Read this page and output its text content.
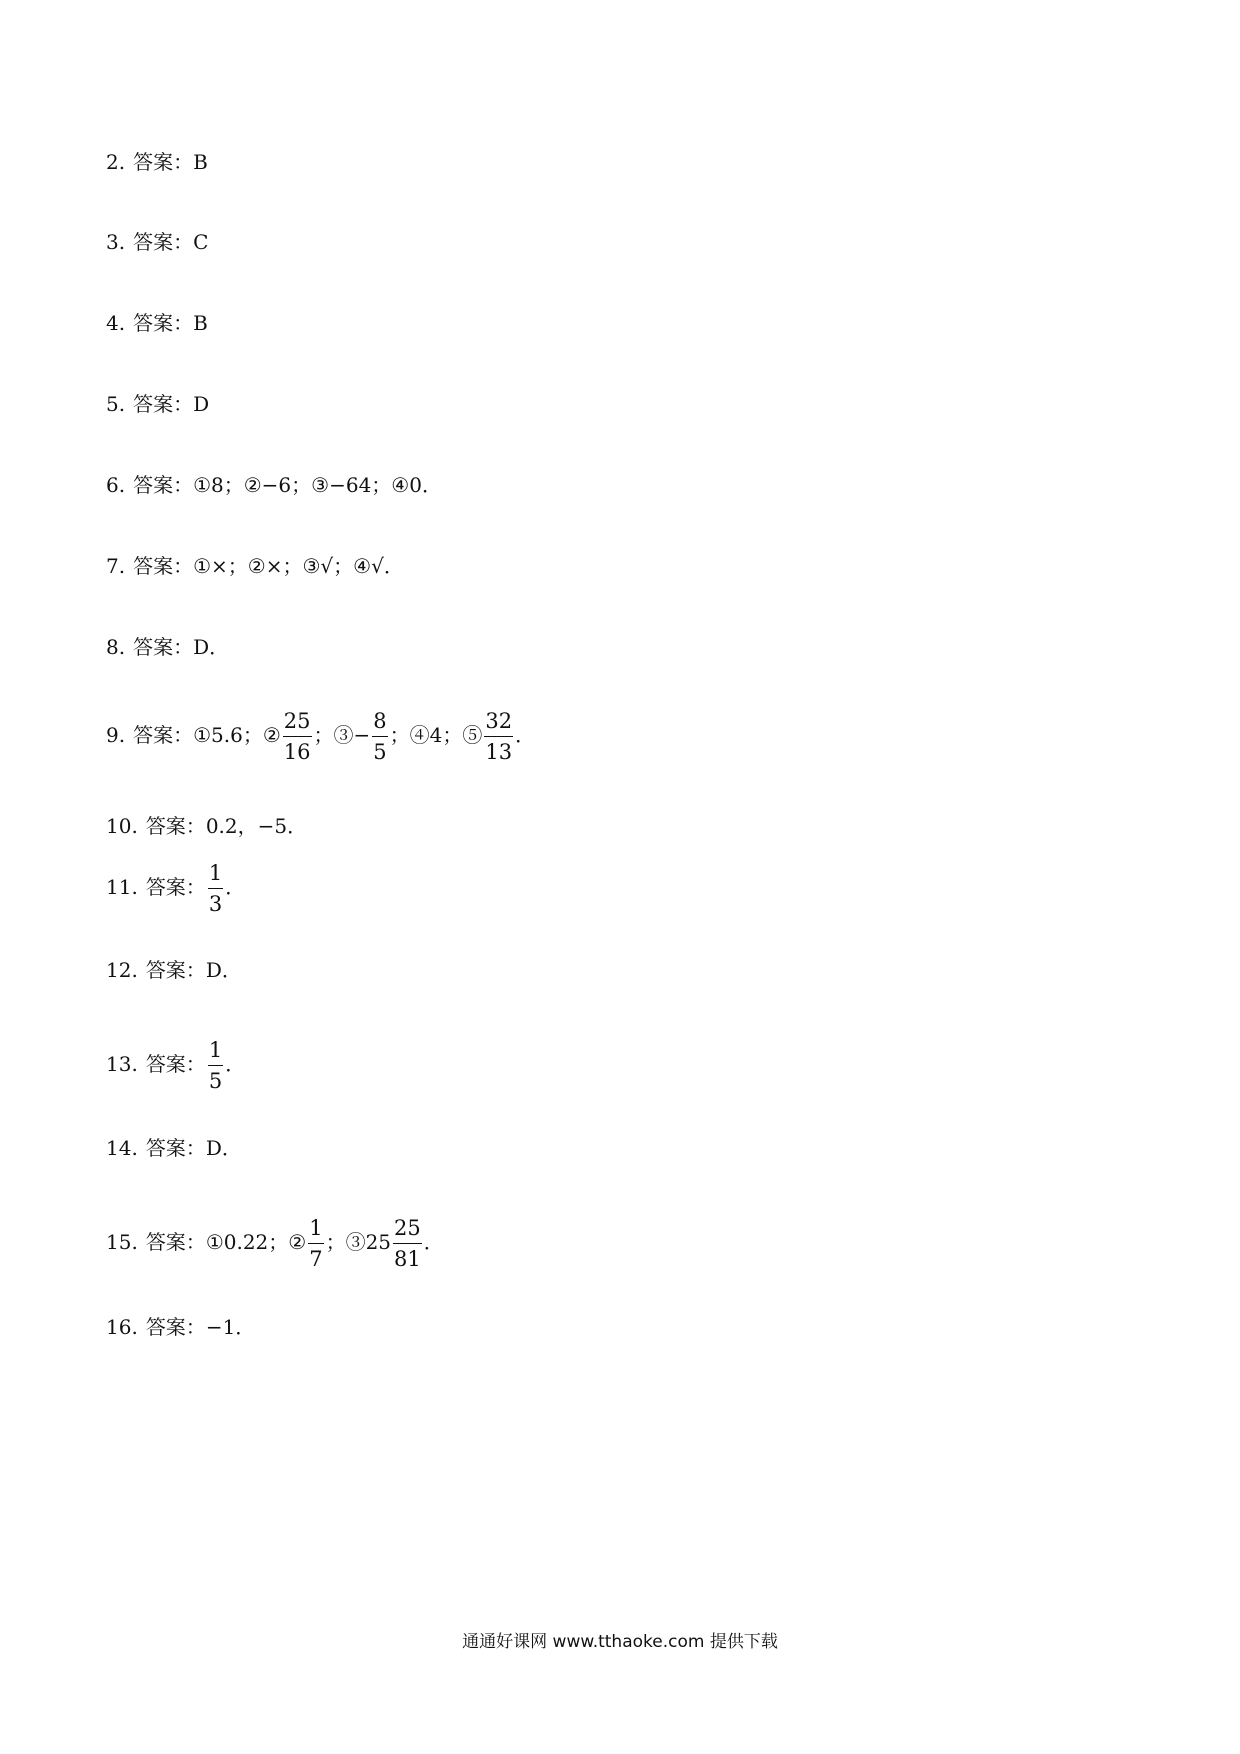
2. 答案：B
3. 答案：C
4. 答案：B
5. 答案：D
6. 答案：①8；②−6；③−64；④0．
7. 答案：①×；②×；③√；④√．
8. 答案：D．
9. 答案：①5.6；② $\frac{25}{16}$ ；③− $\frac{8}{5}$ ；④4；⑤ $\frac{32}{13}$ ．
10. 答案：0.2，−5．
11. 答案： $\frac{1}{3}$ ．
12. 答案：D．
13. 答案： $\frac{1}{5}$ ．
14. 答案：D．
15. 答案：①0.22；② $\frac{1}{7}$ ；③25 $\frac{25}{81}$ ．
16. 答案：−1．
通通好课网 www.tthaoke.com 提供下载
